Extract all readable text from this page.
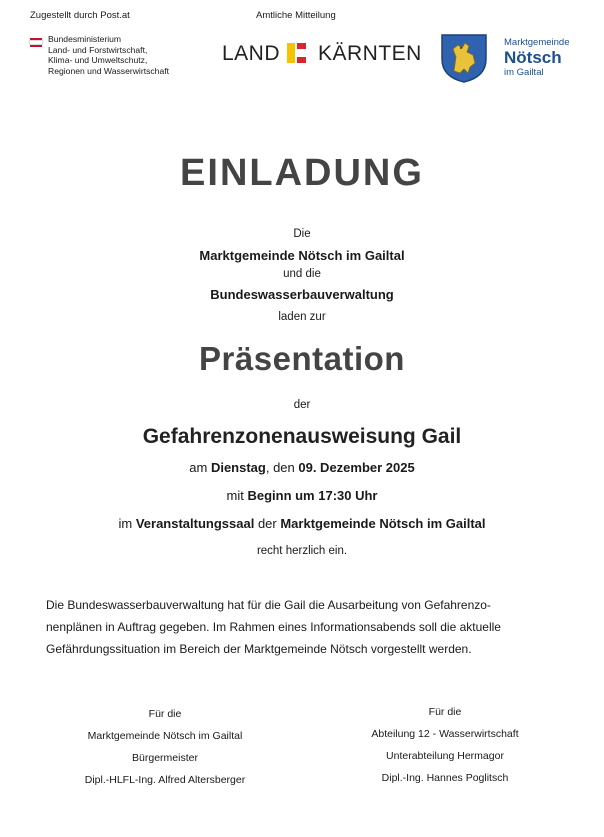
Zugestellt durch Post.at	Amtliche Mitteilung
Bundesministerium
Land- und Forstwirtschaft,
Klima- und Umweltschutz,
Regionen und Wasserwirtschaft
LAND KÄRNTEN	Marktgemeinde
Nötsch
im Gailtal
EINLADUNG
Die
Marktgemeinde Nötsch im Gailtal
und die
Bundeswasserbauverwaltung
laden zur
Präsentation
der
Gefahrenzonenausweisung Gail
am Dienstag, den 09. Dezember 2025
mit Beginn um 17:30 Uhr
im Veranstaltungssaal der Marktgemeinde Nötsch im Gailtal
recht herzlich ein.
Die Bundeswasserbauverwaltung hat für die Gail die Ausarbeitung von Gefahrenzo-
nenplänen in Auftrag gegeben. Im Rahmen eines Informationsabends soll die aktuelle
Gefährdungssituation im Bereich der Marktgemeinde Nötsch vorgestellt werden.
Für die
Marktgemeinde Nötsch im Gailtal
Bürgermeister
Dipl.-HLFL-Ing. Alfred Altersberger
Für die
Abteilung 12 - Wasserwirtschaft
Unterabteilung Hermagor
Dipl.-Ing. Hannes Poglitsch
